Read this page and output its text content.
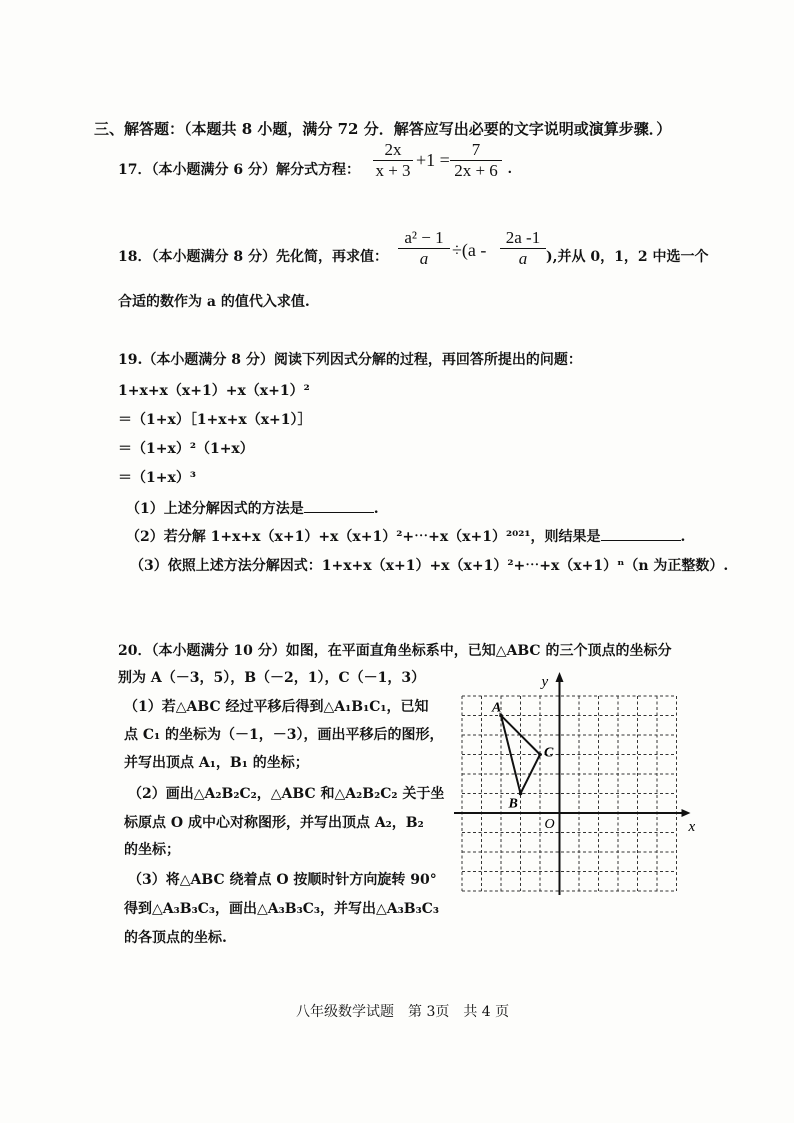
三、解答题：（本题共 8 小题，满分 72 分．解答应写出必要的文字说明或演算步骤．）
17．（本小题满分 6 分）解分式方程：
2x
x + 3
+1 =
7
2x + 6 ．
18．（本小题满分 8 分）先化简，再求值：
a² − 1
a	÷(a -
2a -1
a	),并从 0，1，2 中选一个
合适的数作为 a 的值代入求值.
19.（本小题满分 8 分）阅读下列因式分解的过程，再回答所提出的问题：
1+x+x（x+1）+x（x+1）²
＝（1+x）［1+x+x（x+1）］
＝（1+x）²（1+x）
＝（1+x）³
（1）上述分解因式的方法是	.
（2）若分解 1+x+x（x+1）+x（x+1）²+⋯+x（x+1）²⁰²¹，则结果是	.
（3）依照上述方法分解因式：1+x+x（x+1）+x（x+1）²+⋯+x（x+1）ⁿ（n 为正整数）.
20．（本小题满分 10 分）如图，在平面直角坐标系中，已知△ABC 的三个顶点的坐标分
别为 A（－3，5），B（－2，1），C（－1，3）
（1）若△ABC 经过平移后得到△A₁B₁C₁，已知
点 C₁ 的坐标为（－1，－3），画出平移后的图形，
并写出顶点 A₁，B₁ 的坐标；
（2）画出△A₂B₂C₂，△ABC 和△A₂B₂C₂ 关于坐
标原点 O 成中心对称图形，并写出顶点 A₂，B₂
的坐标；
（3）将△ABC 绕着点 O 按顺时针方向旋转 90°
得到△A₃B₃C₃，画出△A₃B₃C₃，并写出△A₃B₃C₃
的各顶点的坐标.
A
B
C
x
y
O
八年级数学试题　第 3页　共 4 页
